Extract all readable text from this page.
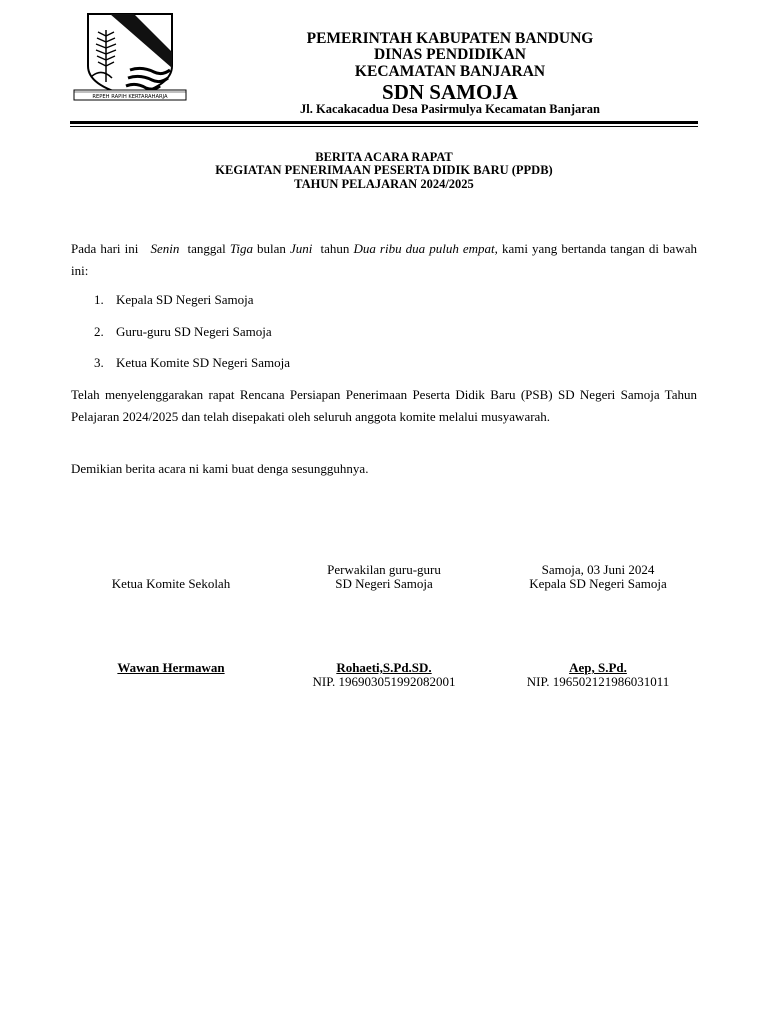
REPEH RAPIH KERTARAHARJA
PEMERINTAH KABUPATEN BANDUNG
DINAS PENDIDIKAN
KECAMATAN BANJARAN
SDN SAMOJA
Jl. Kacakacadua Desa Pasirmulya Kecamatan Banjaran
BERITA ACARA RAPAT
KEGIATAN PENERIMAAN PESERTA DIDIK BARU (PPDB)
TAHUN PELAJARAN 2024/2025
Pada hari ini Senin tanggal Tiga bulan Juni tahun Dua ribu dua puluh empat, kami yang bertanda tangan di bawah ini:
1. Kepala SD Negeri Samoja
2. Guru-guru SD Negeri Samoja
3. Ketua Komite SD Negeri Samoja
Telah menyelenggarakan rapat Rencana Persiapan Penerimaan Peserta Didik Baru (PSB) SD Negeri Samoja Tahun Pelajaran 2024/2025 dan telah disepakati oleh seluruh anggota komite melalui musyawarah.
Demikian berita acara ni kami buat denga sesungguhnya.
Ketua Komite Sekolah
Wawan Hermawan
Perwakilan guru-guru
SD Negeri Samoja
Rohaeti,S.Pd.SD.
NIP. 196903051992082001
Samoja, 03 Juni 2024
Kepala SD Negeri Samoja
Aep, S.Pd.
NIP. 196502121986031011
